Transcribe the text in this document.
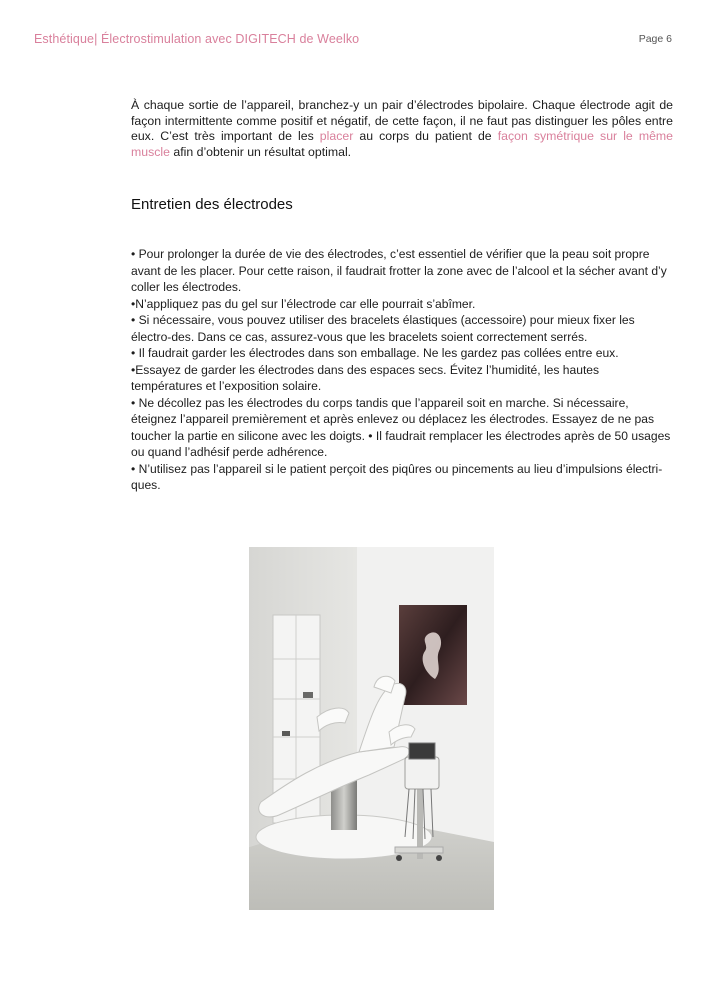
Esthétique| Électrostimulation avec DIGITECH de Weelko	Page 6

À chaque sortie de l’appareil, branchez-y un pair d’électrodes bipolaire. Chaque électrode agit de façon intermittente comme positif et négatif, de cette façon, il ne faut pas distinguer les pôles entre eux. C’est très important de les placer au corps du patient de façon symétrique sur le même muscle afin d’obtenir un résultat optimal.

Entretien des électrodes
• Pour prolonger la durée de vie des électrodes, c’est essentiel de vérifier que la peau soit propre avant de les placer. Pour cette raison, il faudrait frotter la zone avec de l’alcool et la sécher avant d’y coller les électrodes.
•N’appliquez pas du gel sur l’électrode car elle pourrait s’abîmer.
• Si nécessaire, vous pouvez utiliser des bracelets élastiques (accessoire) pour mieux fixer les électro-des. Dans ce cas, assurez-vous que les bracelets soient correctement serrés.
• Il faudrait garder les électrodes dans son emballage. Ne les gardez pas collées entre eux.
•Essayez de garder les électrodes dans des espaces secs. Évitez l’humidité, les hautes températures et l’exposition solaire.
• Ne décollez pas les électrodes du corps tandis que l’appareil soit en marche. Si nécessaire, éteignez l’appareil premièrement et après enlevez ou déplacez les électrodes. Essayez de ne pas toucher la partie en silicone avec les doigts. • Il faudrait remplacer les électrodes après de 50 usages ou quand l’adhésif perde adhérence.
• N’utilisez pas l’appareil si le patient perçoit des piqûres ou pincements au lieu d’impulsions électri-ques.
